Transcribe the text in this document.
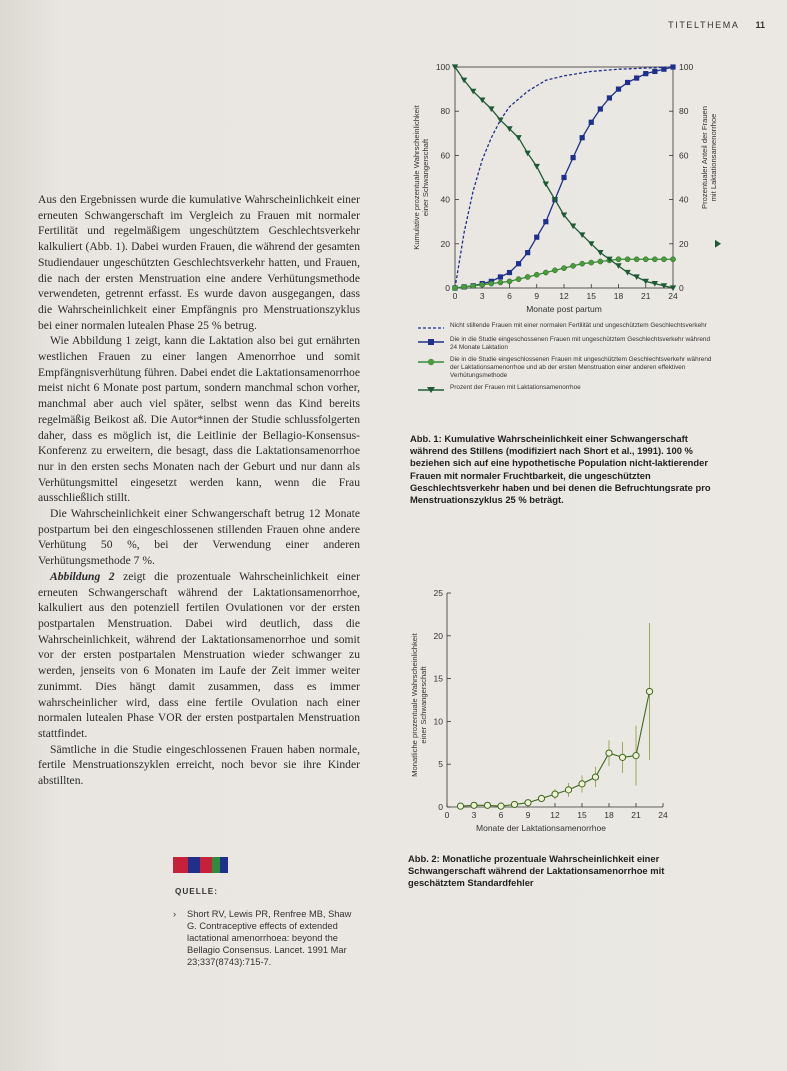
TITELTHEMA 11

Aus den Ergebnissen wurde die kumulative Wahrscheinlichkeit einer erneuten Schwangerschaft im Vergleich zu Frauen mit normaler Fertilität und regelmäßigem ungeschütztem Geschlechtsverkehr kalkuliert (Abb. 1). Dabei wurden Frauen, die während der gesamten Studiendauer ungeschützten Geschlechtsverkehr hatten, und Frauen, die nach der ersten Menstruation eine andere Verhütungsmethode verwendeten, getrennt erfasst. Es wurde davon ausgegangen, dass die Wahrscheinlichkeit einer Empfängnis pro Menstruationszyklus bei einer normalen lutealen Phase 25 % betrug.

Wie Abbildung 1 zeigt, kann die Laktation also bei gut ernährten westlichen Frauen zu einer langen Amenorrhoe und somit Empfängnisverhütung führen. Dabei endet die Laktationsamenorrhoe meist nicht 6 Monate post partum, sondern manchmal schon vorher, manchmal aber auch viel später, selbst wenn das Kind bereits regelmäßig Beikost aß. Die Autor*innen der Studie schlussfolgerten daher, dass es möglich ist, die Leitlinie der Bellagio-Konsensus-Konferenz zu erweitern, die besagt, dass die Laktationsamenorrhoe nur in den ersten sechs Monaten nach der Geburt und nur dann als Verhütungsmittel eingesetzt werden kann, wenn die Frau ausschließlich stillt.

Die Wahrscheinlichkeit einer Schwangerschaft betrug 12 Monate postpartum bei den eingeschlossenen stillenden Frauen ohne andere Verhütung 50 %, bei der Verwendung einer anderen Verhütungsmethode 7 %.

Abbildung 2 zeigt die prozentuale Wahrscheinlichkeit einer erneuten Schwangerschaft während der Laktationsamenorrhoe, kalkuliert aus den potenziell fertilen Ovulationen vor der ersten postpartalen Menstruation. Dabei wird deutlich, dass die Wahrscheinlichkeit, während der Laktationsamenorrhoe und somit vor der ersten postpartalen Menstruation wieder schwanger zu werden, jenseits von 6 Monaten im Laufe der Zeit immer weiter zunimmt. Dies hängt damit zusammen, dass es immer wahrscheinlicher wird, dass eine fertile Ovulation nach einer normalen lutealen Phase VOR der ersten postpartalen Menstruation stattfindet.

Sämtliche in die Studie eingeschlossenen Frauen haben normale, fertile Menstruationszyklen erreicht, noch bevor sie ihre Kinder abstillten.

0	0
20	20
40	40
60	60
80	80
100	100
0	3	6	9 12 15 18 21 24
Monate post partum
Kumulative prozentuale Wahrscheinlichkeiteiner Schwangerschaft	Prozentualer Anteil der Frauenmit Laktationsamenorrhoe
Nicht stillende Frauen mit einer normalen Fertilität und ungeschütztem Geschlechtsverkehr
Die in die Studie eingeschossenen Frauen mit ungeschütztem Geschlechtsverkehr während 24 Monate Laktation
Die in die Studie eingeschlossenen Frauen mit ungeschütztem Geschlechtsverkehr während der Laktationsamenorrhoe und ab der ersten Menstruation einer anderen effektiven Verhütungsmethode
Prozent der Frauen mit Laktationsamenorrhoe
Abb. 1: Kumulative Wahrscheinlichkeit einer Schwangerschaft während des Stillens (modifiziert nach Short et al., 1991). 100 % beziehen sich auf eine hypothetische Population nicht-laktierender Frauen mit normaler Fruchtbarkeit, die ungeschützten Geschlechtsverkehr haben und bei denen die Befruchtungsrate pro Menstruationszyklus 25 % beträgt.
0
5
10
15
20
25
0	3	6	9 12 15 18 21 24
Monate der Laktationsamenorrhoe
Monatliche prozentuale Wahrscheinlichkeiteiner Schwangerschaft
Abb. 2: Monatliche prozentuale Wahrscheinlichkeit einer Schwangerschaft während der Laktationsamenorrhoe mit geschätztem Standardfehler
QUELLE:
› Short RV, Lewis PR, Renfree MB, Shaw G. Contraceptive effects of extended lactational amenorrhoea: beyond the Bellagio Consensus. Lancet. 1991 Mar 23;337(8743):715-7.
